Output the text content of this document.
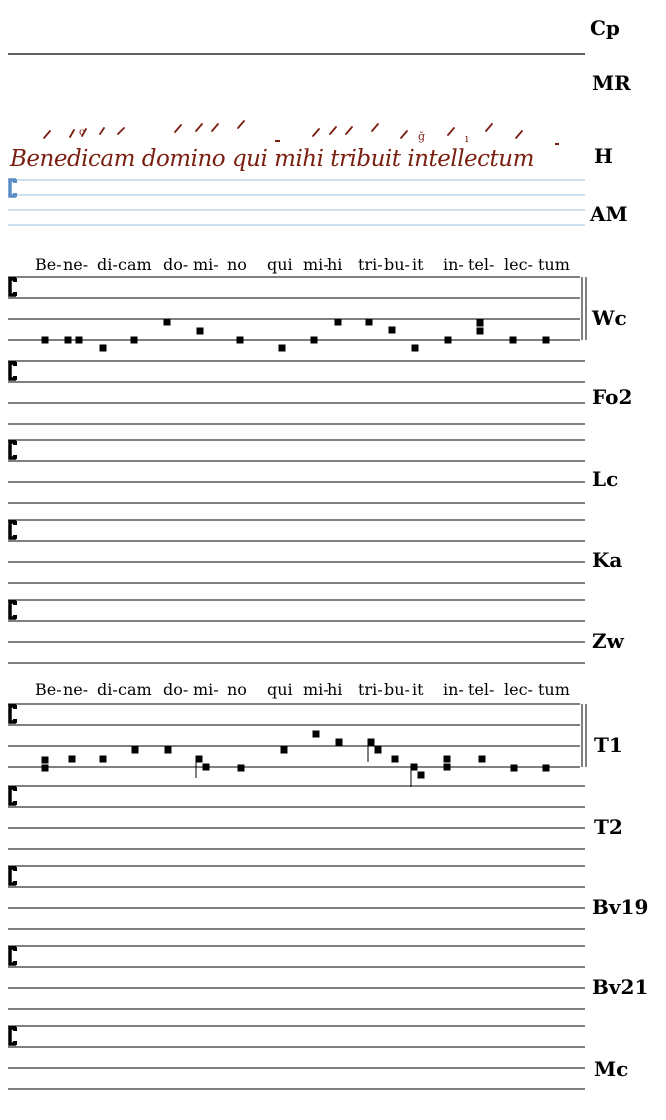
Cp
MR
H
AM
Wc
Fo2
Lc
Ka
Zw
T1
T2
Bv19
Bv21
Mc
Benedicam domino qui mihi tribuit intellectum
Be- ne- di- cam do- mi- no qui mi-
hi tri- bu- it in- tel- lec- tum
Be- ne- di- cam do- mi- no qui mi-
hi tri- bu- it in- tel- lec- tum
c	ğ	ı
